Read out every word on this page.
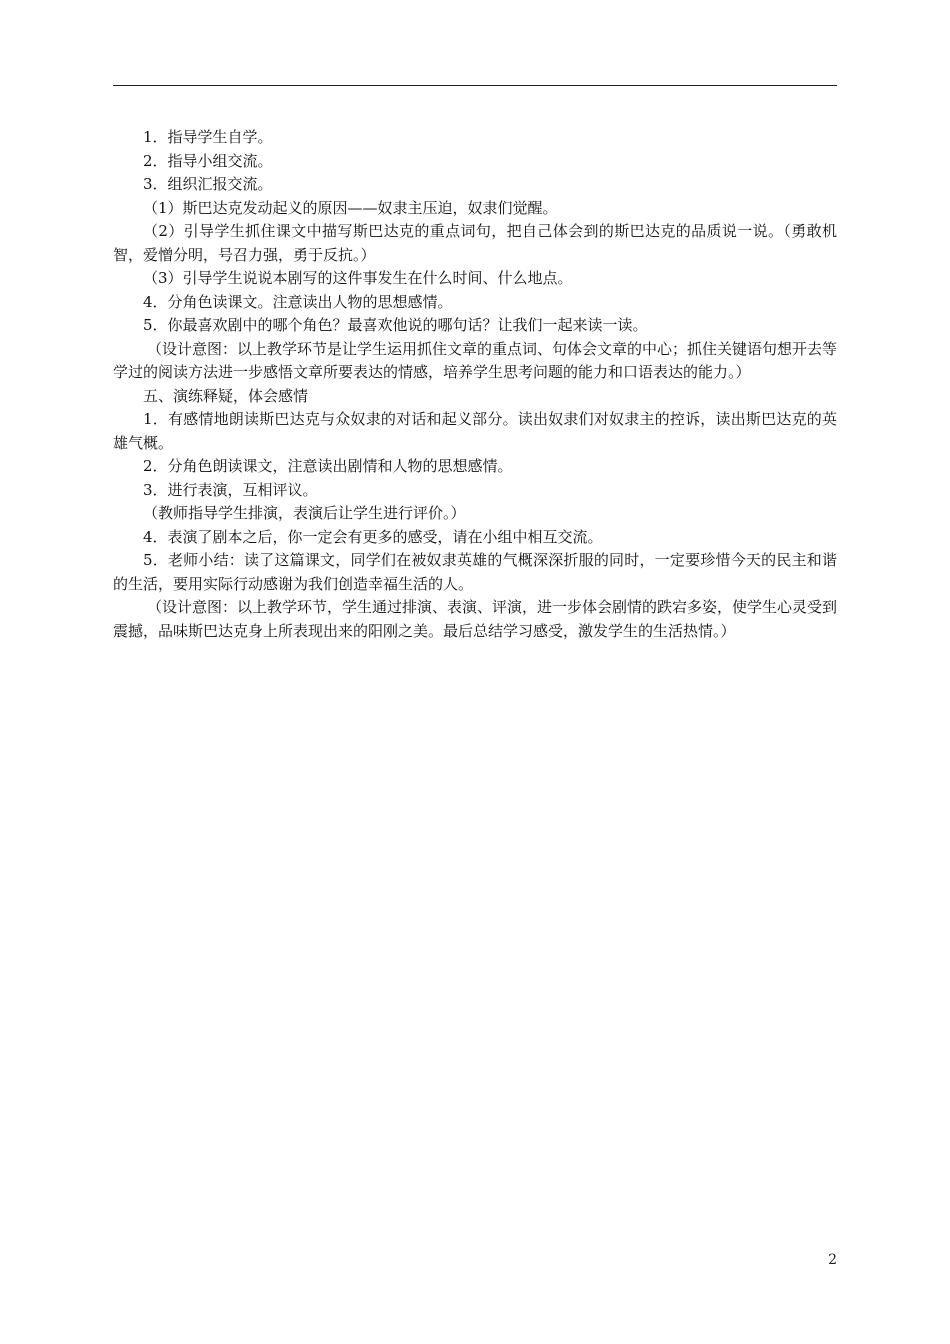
1．指导学生自学。

2．指导小组交流。

3．组织汇报交流。

（1）斯巴达克发动起义的原因——奴隶主压迫，奴隶们觉醒。

（2）引导学生抓住课文中描写斯巴达克的重点词句，把自己体会到的斯巴达克的品质说一说。（勇敢机智，爱憎分明，号召力强，勇于反抗。）

（3）引导学生说说本剧写的这件事发生在什么时间、什么地点。

4．分角色读课文。注意读出人物的思想感情。

5．你最喜欢剧中的哪个角色？最喜欢他说的哪句话？让我们一起来读一读。

（设计意图：以上教学环节是让学生运用抓住文章的重点词、句体会文章的中心；抓住关键语句想开去等学过的阅读方法进一步感悟文章所要表达的情感，培养学生思考问题的能力和口语表达的能力。）

五、演练释疑，体会感情

1．有感情地朗读斯巴达克与众奴隶的对话和起义部分。读出奴隶们对奴隶主的控诉，读出斯巴达克的英雄气概。

2．分角色朗读课文，注意读出剧情和人物的思想感情。

3．进行表演，互相评议。

（教师指导学生排演，表演后让学生进行评价。）

4．表演了剧本之后，你一定会有更多的感受，请在小组中相互交流。

5．老师小结：读了这篇课文，同学们在被奴隶英雄的气概深深折服的同时，一定要珍惜今天的民主和谐的生活，要用实际行动感谢为我们创造幸福生活的人。

（设计意图：以上教学环节，学生通过排演、表演、评演，进一步体会剧情的跌宕多姿，使学生心灵受到震撼，品味斯巴达克身上所表现出来的阳刚之美。最后总结学习感受，激发学生的生活热情。）

2
